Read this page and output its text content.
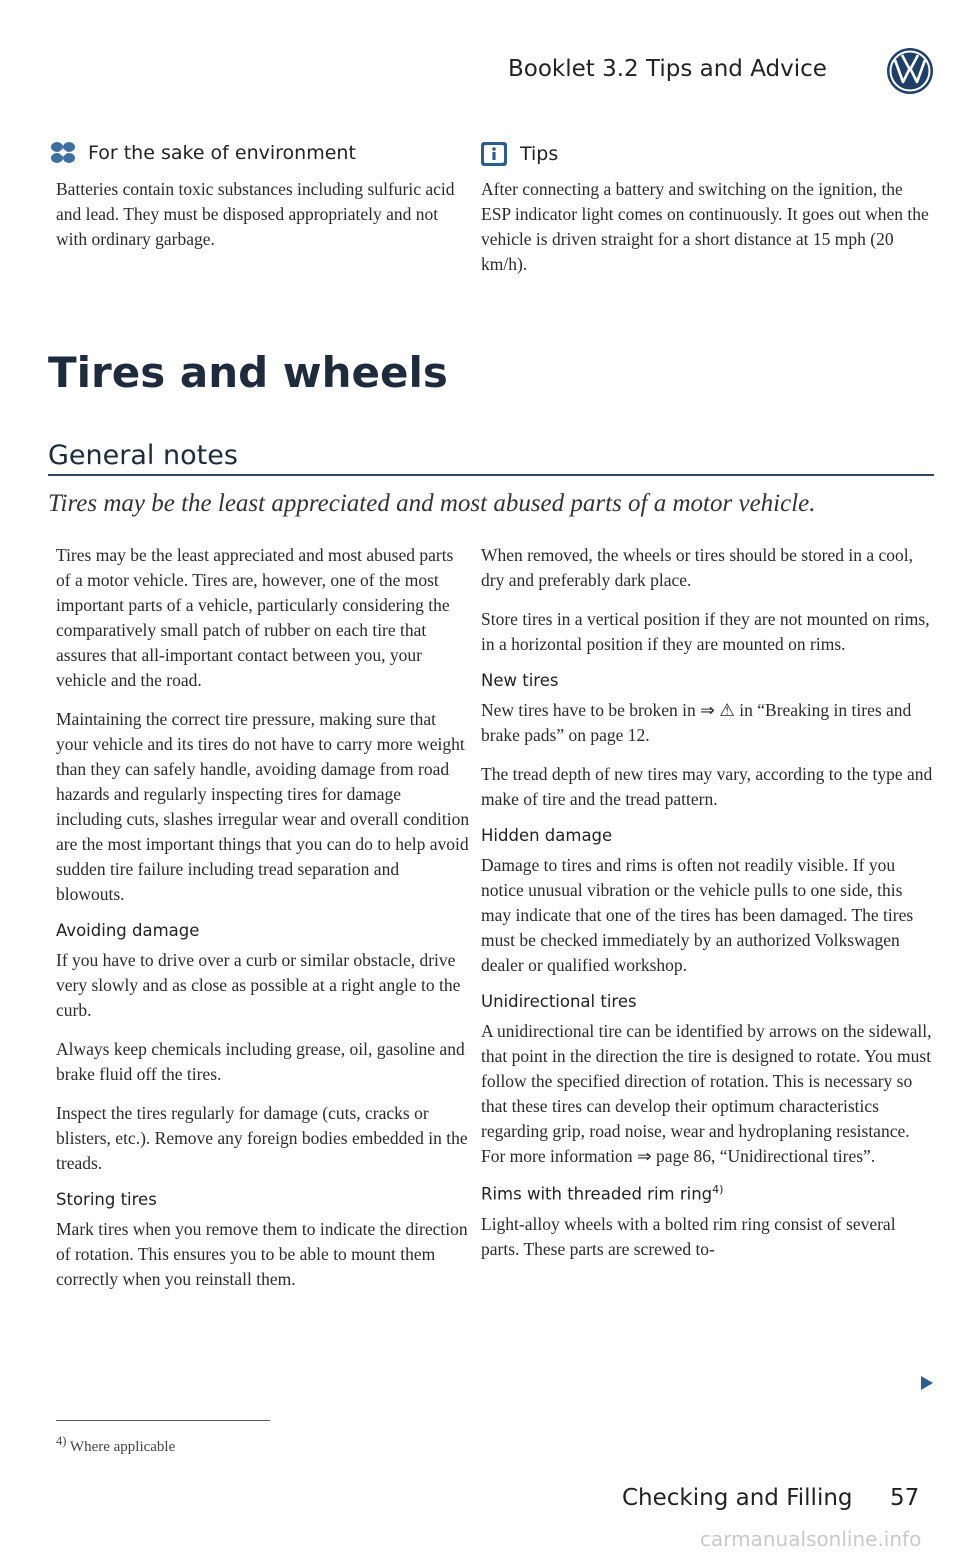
Booklet 3.2 Tips and Advice
For the sake of environment

Batteries contain toxic substances including sulfuric acid and lead. They must be disposed appropriately and not with ordinary garbage.

Tips

After connecting a battery and switching on the ignition, the ESP indicator light comes on continuously. It goes out when the vehicle is driven straight for a short distance at 15 mph (20 km/h).

Tires and wheels
General notes
Tires may be the least appreciated and most abused parts of a motor vehicle.

Tires may be the least appreciated and most abused parts of a motor vehicle. Tires are, however, one of the most important parts of a vehicle, particularly considering the comparatively small patch of rubber on each tire that assures that all-important contact between you, your vehicle and the road.

Maintaining the correct tire pressure, making sure that your vehicle and its tires do not have to carry more weight than they can safely handle, avoiding damage from road hazards and regularly inspecting tires for damage including cuts, slashes irregular wear and overall condition are the most important things that you can do to help avoid sudden tire failure including tread separation and blowouts.

Avoiding damage

If you have to drive over a curb or similar obstacle, drive very slowly and as close as possible at a right angle to the curb.

Always keep chemicals including grease, oil, gasoline and brake fluid off the tires.

Inspect the tires regularly for damage (cuts, cracks or blisters, etc.). Remove any foreign bodies embedded in the treads.

Storing tires

Mark tires when you remove them to indicate the direction of rotation. This ensures you to be able to mount them correctly when you reinstall them.

When removed, the wheels or tires should be stored in a cool, dry and preferably dark place.

Store tires in a vertical position if they are not mounted on rims, in a horizontal position if they are mounted on rims.

New tires

New tires have to be broken in ⇒ ⚠ in “Breaking in tires and brake pads” on page 12.

The tread depth of new tires may vary, according to the type and make of tire and the tread pattern.

Hidden damage

Damage to tires and rims is often not readily visible. If you notice unusual vibration or the vehicle pulls to one side, this may indicate that one of the tires has been damaged. The tires must be checked immediately by an authorized Volkswagen dealer or qualified workshop.

Unidirectional tires

A unidirectional tire can be identified by arrows on the sidewall, that point in the direction the tire is designed to rotate. You must follow the specified direction of rotation. This is necessary so that these tires can develop their optimum characteristics regarding grip, road noise, wear and hydroplaning resistance. For more information ⇒ page 86, “Unidirectional tires”.

Rims with threaded rim ring$^{4)}$

Light-alloy wheels with a bolted rim ring consist of several parts. These parts are screwed to-

$^{4)}$ Where applicable
Checking and Filling 57
carmanualsonline.info
